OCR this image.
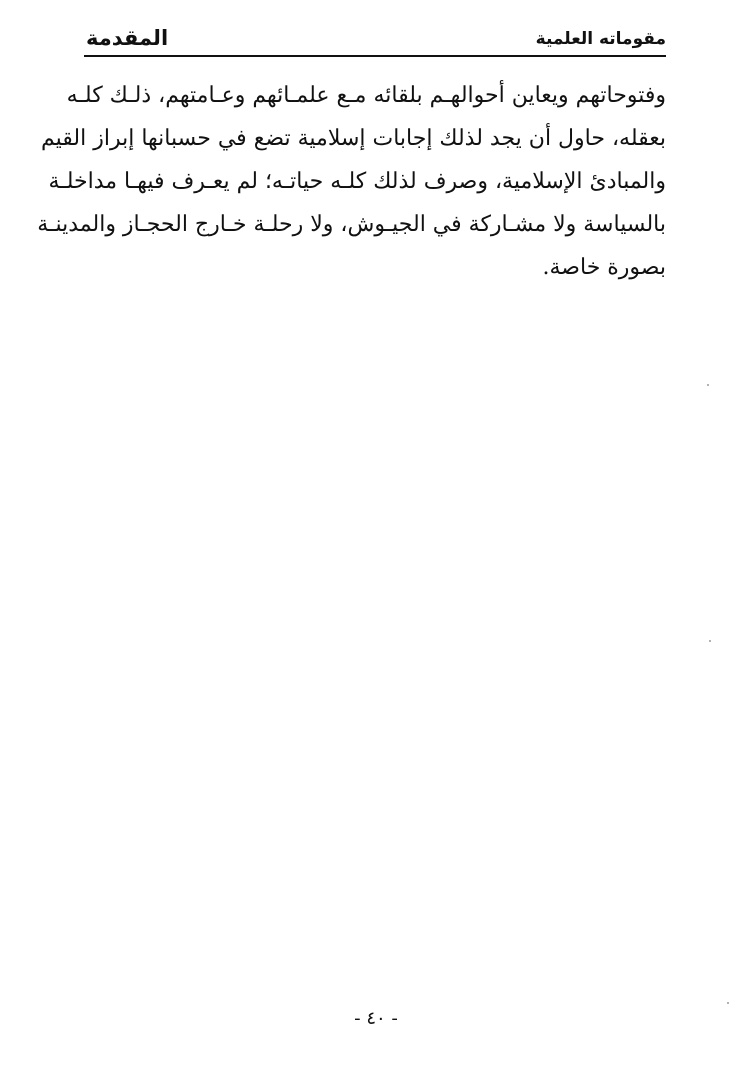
مقوماته العلمية
المقدمة
وفتوحاتهم ويعاين أحوالهـم بلقائه مـع علمـائهم وعـامتهم، ذلـك كلـه
بعقله، حاول أن يجد لذلك إجابات إسلامية تضع في حسبانها إبراز القيم
والمبادئ الإسلامية، وصرف لذلك كلـه حياتـه؛ لم يعـرف فيهـا مداخلـة
بالسياسة ولا مشـاركة في الجيـوش، ولا رحلـة خـارج الحجـاز والمدينـة
بصورة خاصة.
- ٤٠ -
